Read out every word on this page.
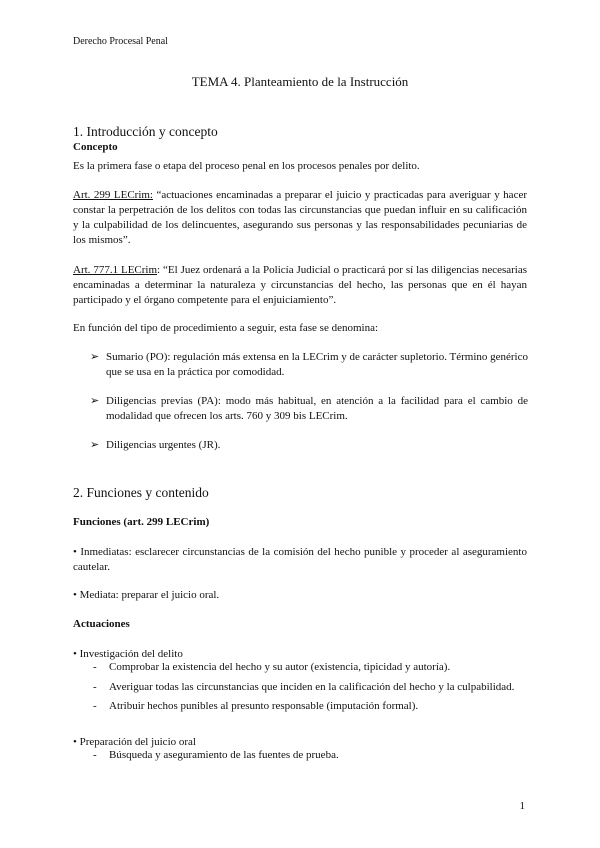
Derecho Procesal Penal
TEMA 4. Planteamiento de la Instrucción
1. Introducción y concepto
Concepto
Es la primera fase o etapa del proceso penal en los procesos penales por delito.
Art. 299 LECrim: “actuaciones encaminadas a preparar el juicio y practicadas para averiguar y hacer constar la perpetración de los delitos con todas las circunstancias que puedan influir en su calificación y la culpabilidad de los delincuentes, asegurando sus personas y las responsabilidades pecuniarias de los mismos”.
Art. 777.1 LECrim: “El Juez ordenará a la Policía Judicial o practicará por sí las diligencias necesarias encaminadas a determinar la naturaleza y circunstancias del hecho, las personas que en él hayan participado y el órgano competente para el enjuiciamiento”.
En función del tipo de procedimiento a seguir, esta fase se denomina:
➢ Sumario (PO): regulación más extensa en la LECrim y de carácter supletorio. Término genérico que se usa en la práctica por comodidad.
➢ Diligencias previas (PA): modo más habitual, en atención a la facilidad para el cambio de modalidad que ofrecen los arts. 760 y 309 bis LECrim.
➢ Diligencias urgentes (JR).
2. Funciones y contenido
Funciones (art. 299 LECrim)
• Inmediatas: esclarecer circunstancias de la comisión del hecho punible y proceder al aseguramiento cautelar.
• Mediata: preparar el juicio oral.
Actuaciones
• Investigación del delito
- Comprobar la existencia del hecho y su autor (existencia, tipicidad y autoría).
- Averiguar todas las circunstancias que inciden en la calificación del hecho y la culpabilidad.
- Atribuir hechos punibles al presunto responsable (imputación formal).
• Preparación del juicio oral
- Búsqueda y aseguramiento de las fuentes de prueba.
1
